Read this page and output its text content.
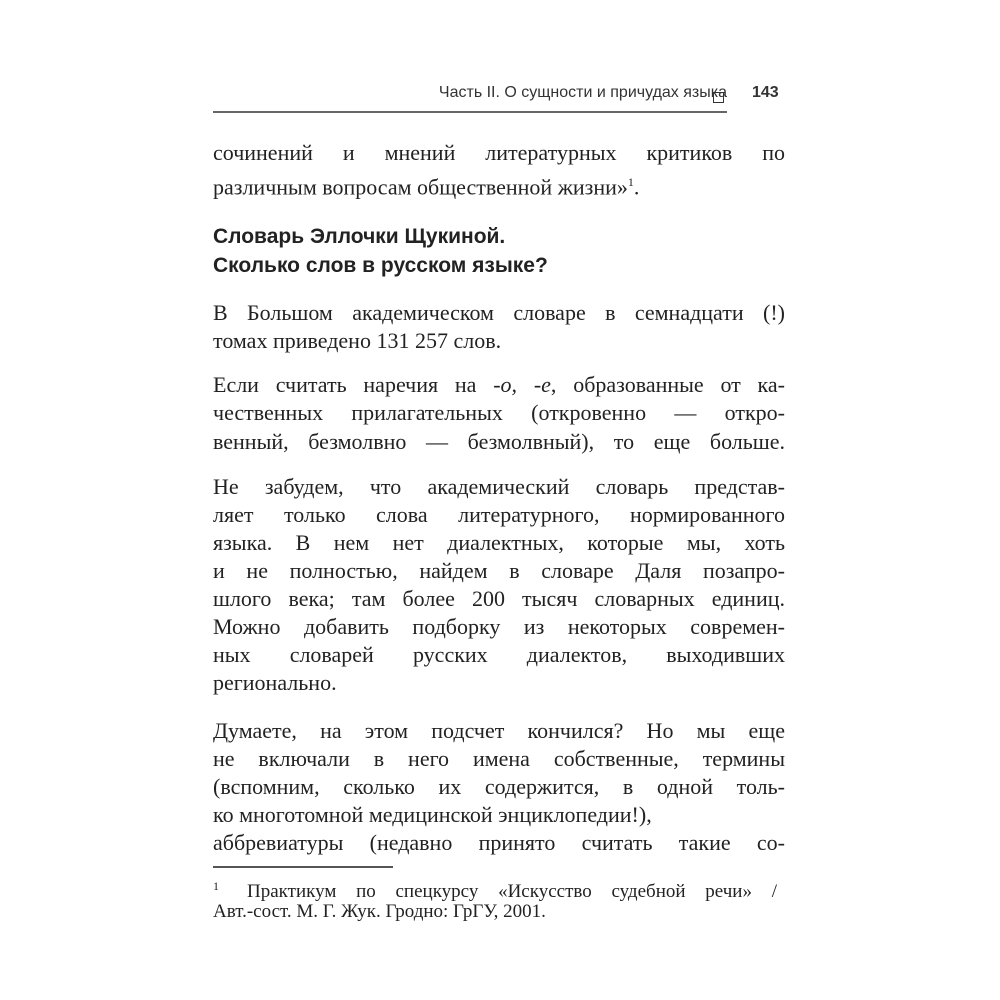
Часть II. О сущности и причудах языка 143
сочинений и мнений литературных критиков по
различным вопросам общественной жизни»$^1$.
Словарь Эллочки Щукиной.
Сколько слов в русском языке?
В Большом академическом словаре в семнадцати (!)
томах приведено 131 257 слов.
Если считать наречия на -о, -е, образованные от ка-
чественных прилагательных (откровенно — откро-
венный, безмолвно — безмолвный), то еще больше.
Не забудем, что академический словарь представ-
ляет только слова литературного, нормированного
языка. В нем нет диалектных, которые мы, хоть
и не полностью, найдем в словаре Даля позапро-
шлого века; там более 200 тысяч словарных единиц.
Можно добавить подборку из некоторых современ-
ных словарей русских диалектов, выходивших
регионально.
Думаете, на этом подсчет кончился? Но мы еще
не включали в него имена собственные, термины
(вспомним, сколько их содержится, в одной толь-
ко многотомной медицинской энциклопедии!),
аббревиатуры (недавно принято считать такие со-
$^1$ Практикум по спецкурсу «Искусство судебной речи» /
Авт.-сост. М. Г. Жук. Гродно: ГрГУ, 2001.
